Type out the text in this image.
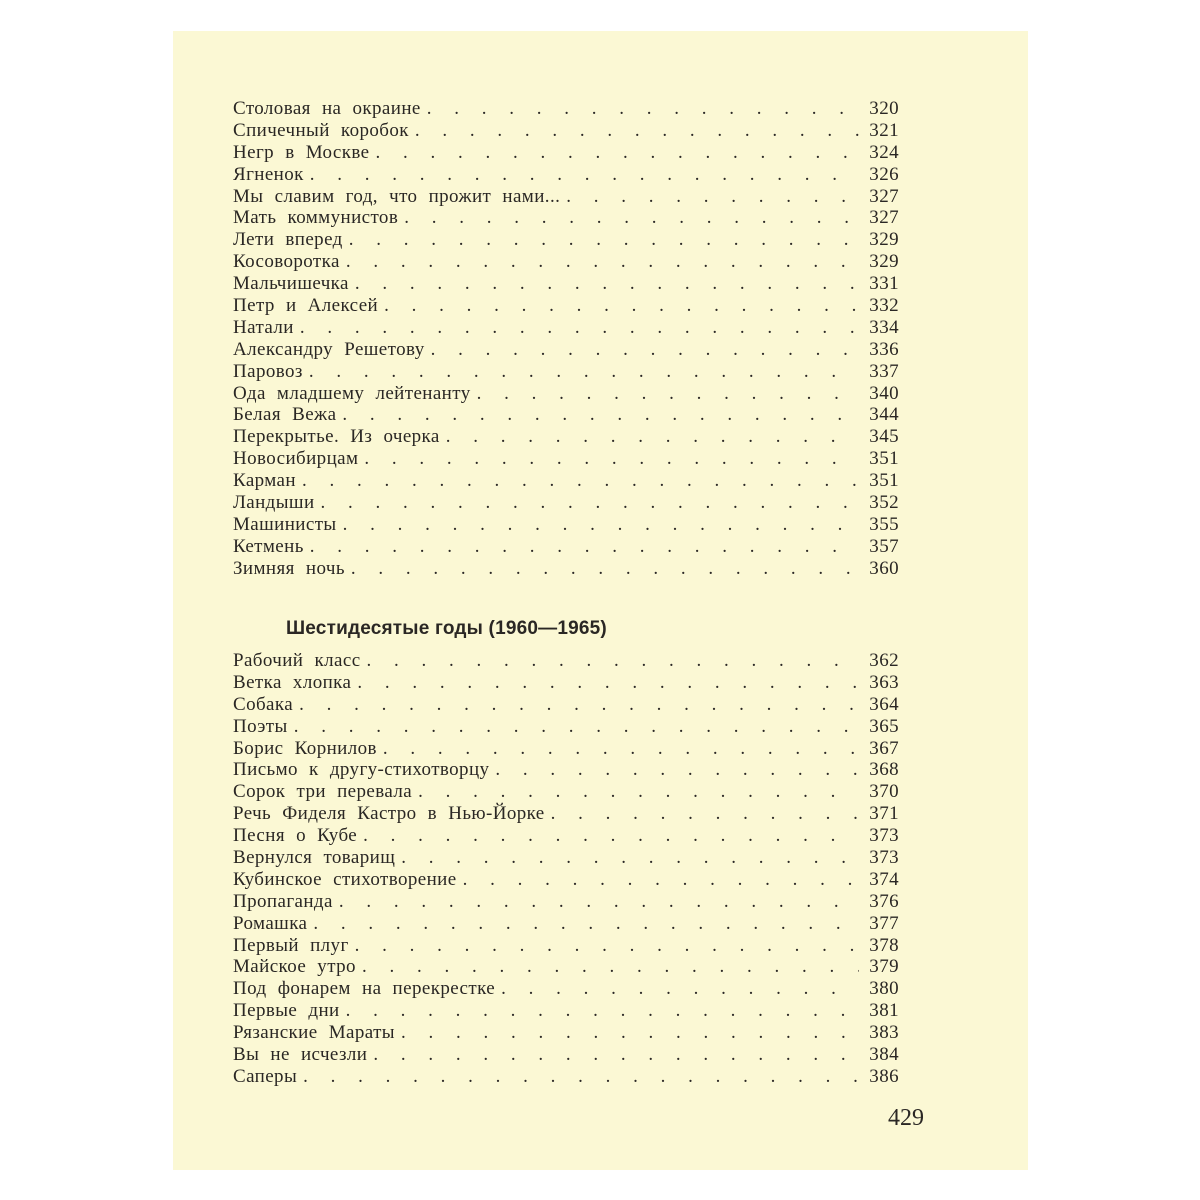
Столовая на окраине . . .	320
Спичечный коробок . . .	321
Негр в Москве . . .	324
Ягненок . . .	326
Мы славим год, что прожит нами... . . .	327
Мать коммунистов . . .	327
Лети вперед . . .	329
Косоворотка . . .	329
Мальчишечка . . .	331
Петр и Алексей . . .	332
Натали . . .	334
Александру Решетову . . .	336
Паровоз . . .	337
Ода младшему лейтенанту . . .	340
Белая Вежа . . .	344
Перекрытье. Из очерка . . .	345
Новосибирцам . . .	351
Карман . . .	351
Ландыши . . .	352
Машинисты . . .	355
Кетмень . . .	357
Зимняя ночь . . .	360
Шестидесятые годы (1960—1965)
Рабочий класс . . .	362
Ветка хлопка . . .	363
Собака . . .	364
Поэты . . .	365
Борис Корнилов . . .	367
Письмо к другу-стихотворцу . . .	368
Сорок три перевала . . .	370
Речь Фиделя Кастро в Нью-Йорке . . .	371
Песня о Кубе . . .	373
Вернулся товарищ . . .	373
Кубинское стихотворение . . .	374
Пропаганда . . .	376
Ромашка . . .	377
Первый плуг . . .	378
Майское утро . . .	379
Под фонарем на перекрестке . . .	380
Первые дни . . .	381
Рязанские Мараты . . .	383
Вы не исчезли . . .	384
Саперы . . .	386
429
